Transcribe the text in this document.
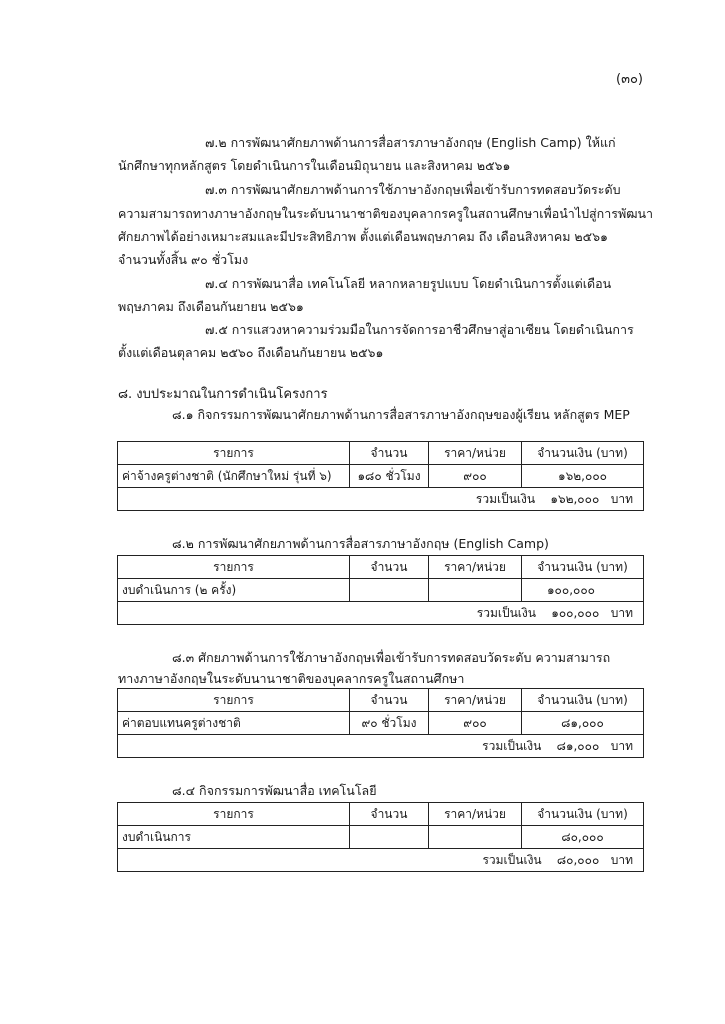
(๓๐)
๗.๒ การพัฒนาศักยภาพด้านการสื่อสารภาษาอังกฤษ (English Camp) ให้แก่
นักศึกษาทุกหลักสูตร โดยดำเนินการในเดือนมิถุนายน และสิงหาคม ๒๕๖๑
๗.๓ การพัฒนาศักยภาพด้านการใช้ภาษาอังกฤษเพื่อเข้ารับการทดสอบวัดระดับ
ความสามารถทางภาษาอังกฤษในระดับนานาชาติของบุคลากรครูในสถานศึกษาเพื่อนำไปสู่การพัฒนา
ศักยภาพได้อย่างเหมาะสมและมีประสิทธิภาพ ตั้งแต่เดือนพฤษภาคม ถึง เดือนสิงหาคม ๒๕๖๑
จำนวนทั้งสิ้น ๙๐ ชั่วโมง
๗.๔ การพัฒนาสื่อ เทคโนโลยี หลากหลายรูปแบบ โดยดำเนินการตั้งแต่เดือน
พฤษภาคม ถึงเดือนกันยายน ๒๕๖๑
๗.๕ การแสวงหาความร่วมมือในการจัดการอาชีวศึกษาสู่อาเซียน โดยดำเนินการ
ตั้งแต่เดือนตุลาคม ๒๕๖๐ ถึงเดือนกันยายน ๒๕๖๑
๘. งบประมาณในการดำเนินโครงการ
๘.๑ กิจกรรมการพัฒนาศักยภาพด้านการสื่อสารภาษาอังกฤษของผู้เรียน หลักสูตร MEP
รายการ	จำนวน	ราคา/หน่วย	จำนวนเงิน (บาท)
ค่าจ้างครูต่างชาติ (นักศึกษาใหม่ รุ่นที่ ๖)	๑๘๐ ชั่วโมง	๙๐๐	๑๖๒,๐๐๐
รวมเป็นเงิน ๑๖๒,๐๐๐ บาท			
๘.๒ การพัฒนาศักยภาพด้านการสื่อสารภาษาอังกฤษ (English Camp)
รายการ	จำนวน	ราคา/หน่วย	จำนวนเงิน (บาท)
งบดำเนินการ (๒ ครั้ง)			๑๐๐,๐๐๐
รวมเป็นเงิน ๑๐๐,๐๐๐ บาท			
๘.๓ ศักยภาพด้านการใช้ภาษาอังกฤษเพื่อเข้ารับการทดสอบวัดระดับ ความสามารถ
ทางภาษาอังกฤษในระดับนานาชาติของบุคลากรครูในสถานศึกษา
รายการ	จำนวน	ราคา/หน่วย	จำนวนเงิน (บาท)
ค่าตอบแทนครูต่างชาติ	๙๐ ชั่วโมง	๙๐๐	๘๑,๐๐๐
รวมเป็นเงิน ๘๑,๐๐๐ บาท			
๘.๔ กิจกรรมการพัฒนาสื่อ เทคโนโลยี
รายการ	จำนวน	ราคา/หน่วย	จำนวนเงิน (บาท)
งบดำเนินการ			๘๐,๐๐๐
รวมเป็นเงิน ๘๐,๐๐๐ บาท			
